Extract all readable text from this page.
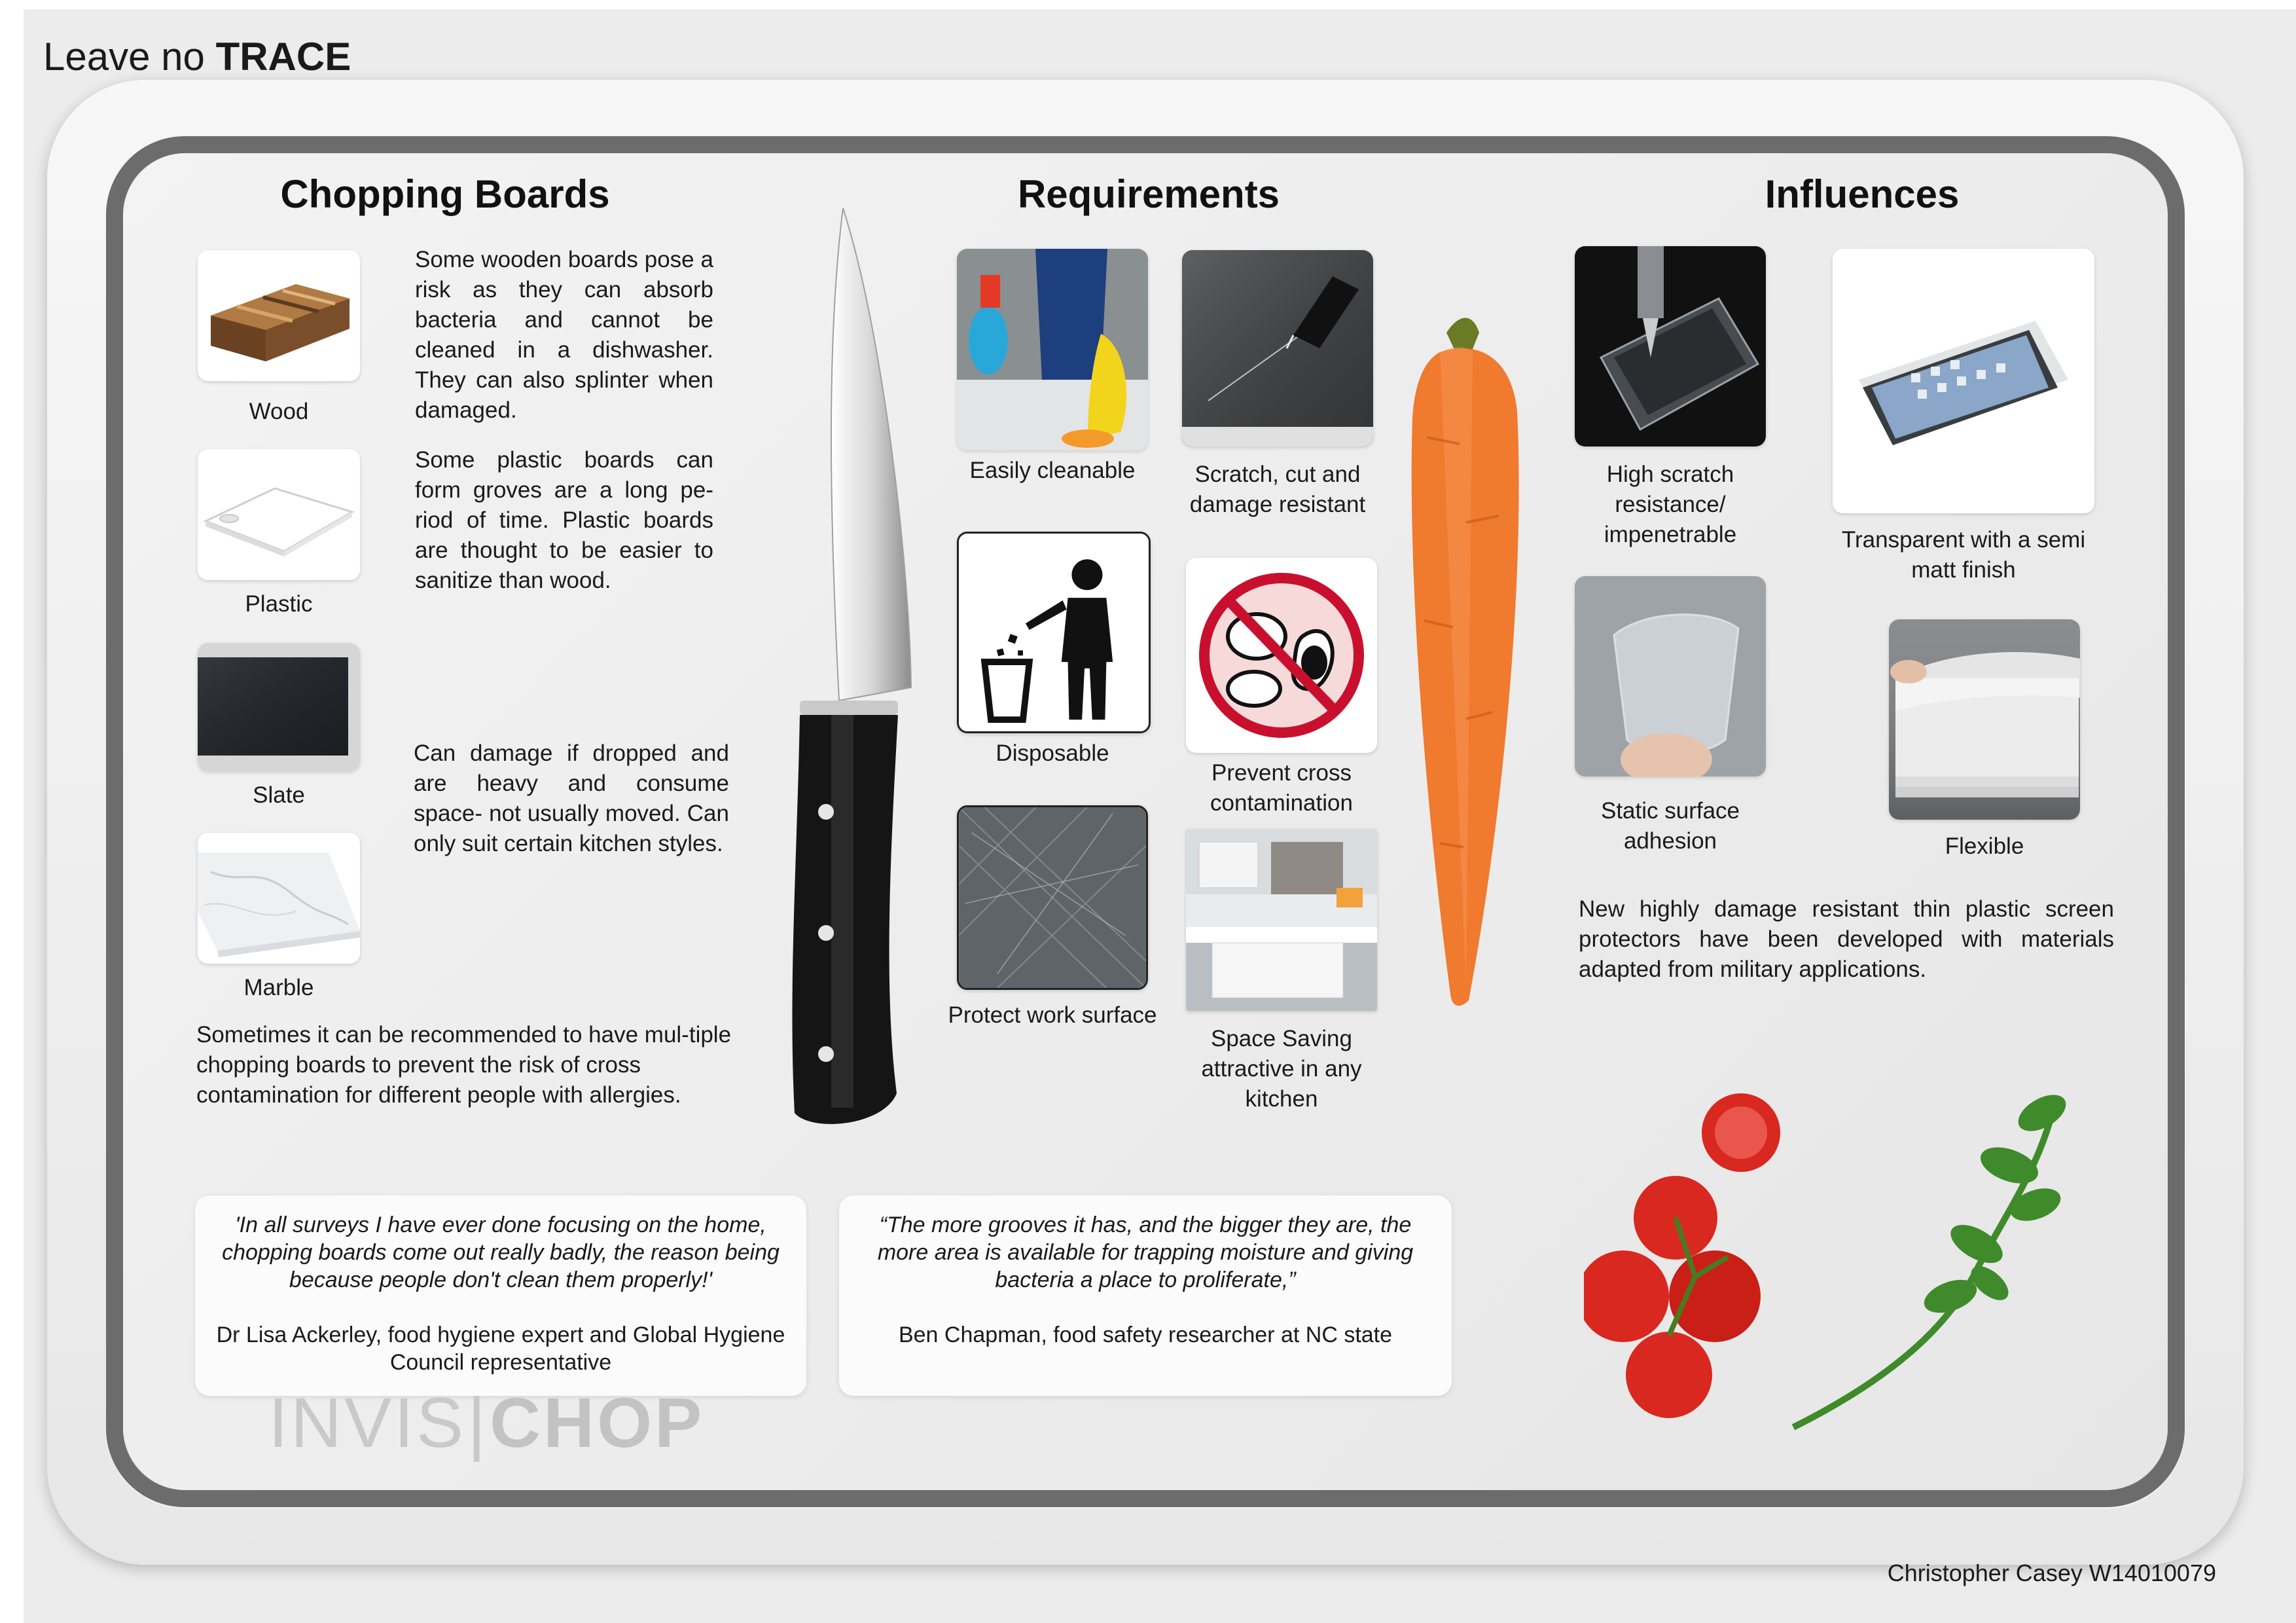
Leave no TRACE
Chopping Boards
Wood
Plastic
Slate
Marble
Some wooden boards pose a risk as they can absorb bacteria and cannot be cleaned in a dishwasher. They can also splinter when damaged.
Some plastic boards can form groves are a long pe-riod of time. Plastic boards are thought to be easier to sanitize than wood.
Can damage if dropped and are heavy and consume space- not usually moved. Can only suit certain kitchen styles.
Sometimes it can be recommended to have mul-tiple chopping boards to prevent the risk of cross contamination for different people with allergies.
Requirements
Easily cleanable	Scratch, cut and damage resistant
Disposable
Prevent cross contamination
Protect work surface
Space Saving attractive in any kitchen
Influences
High scratch resistance/ impenetrable	Transparent with a semi matt finish
Static surface adhesion	Flexible
New highly damage resistant thin plastic screen protectors have been developed with materials adapted from military applications.
'In all surveys I have ever done focusing on the home, chopping boards come out really badly, the reason being because people don't clean them properly!'
Dr Lisa Ackerley, food hygiene expert and Global Hygiene Council representative
“The more grooves it has, and the bigger they are, the more area is available for trapping moisture and giving bacteria a place to proliferate,”
Ben Chapman, food safety researcher at NC state
INVIS|CHOP
Christopher Casey W14010079
